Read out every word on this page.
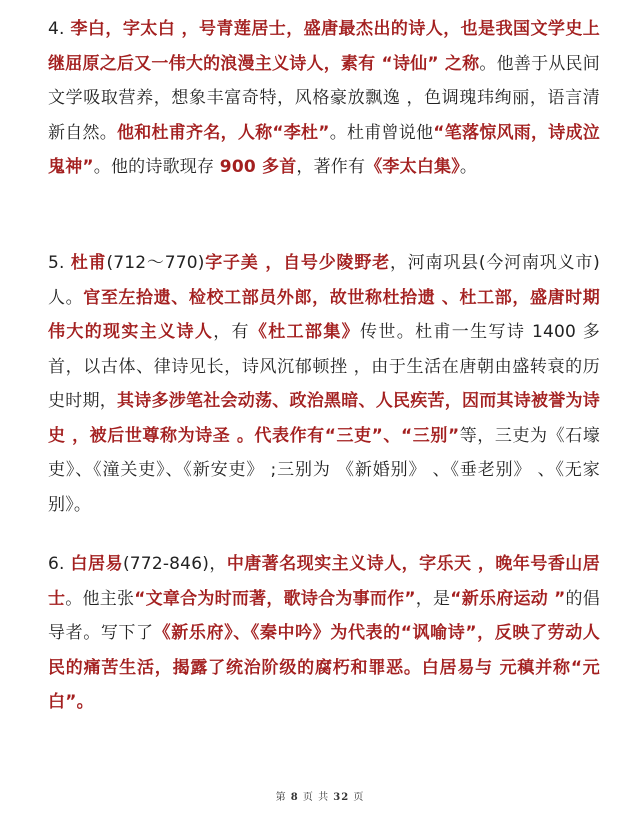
4. 李白，字太白 ，号青莲居士，盛唐最杰出的诗人，也是我国文学史上继屈原之后又一伟大的浪漫主义诗人，素有 “诗仙” 之称。他善于从民间文学吸取营养，想象丰富奇特，风格豪放飘逸 ，色调瑰玮绚丽，语言清新自然。他和杜甫齐名，人称“李杜”。杜甫曾说他“笔落惊风雨，诗成泣鬼神”。他的诗歌现存 900 多首，著作有《李太白集》。

5. 杜甫(712～770)字子美 ，自号少陵野老，河南巩县(今河南巩义市)人。官至左拾遗、检校工部员外郎，故世称杜拾遗 、杜工部，盛唐时期伟大的现实主义诗人，有《杜工部集》传世。杜甫一生写诗 1400 多首，以古体、律诗见长，诗风沉郁顿挫 ，由于生活在唐朝由盛转衰的历史时期，其诗多涉笔社会动荡、政治黑暗、人民疾苦，因而其诗被誉为诗史 ，被后世尊称为诗圣 。代表作有“三吏”、“三别”等，三吏为《石壕吏》、《潼关吏》、《新安吏》 ;三别为 《新婚别》 、《垂老别》 、《无家别》。

6. 白居易(772-846)，中唐著名现实主义诗人，字乐天 ，晚年号香山居士。他主张“文章合为时而著，歌诗合为事而作”，是“新乐府运动 ”的倡导者。写下了《新乐府》、《秦中吟》为代表的“讽喻诗”，反映了劳动人民的痛苦生活，揭露了统治阶级的腐朽和罪恶。白居易与 元稹并称“元白”。

第 8 页 共 32 页
